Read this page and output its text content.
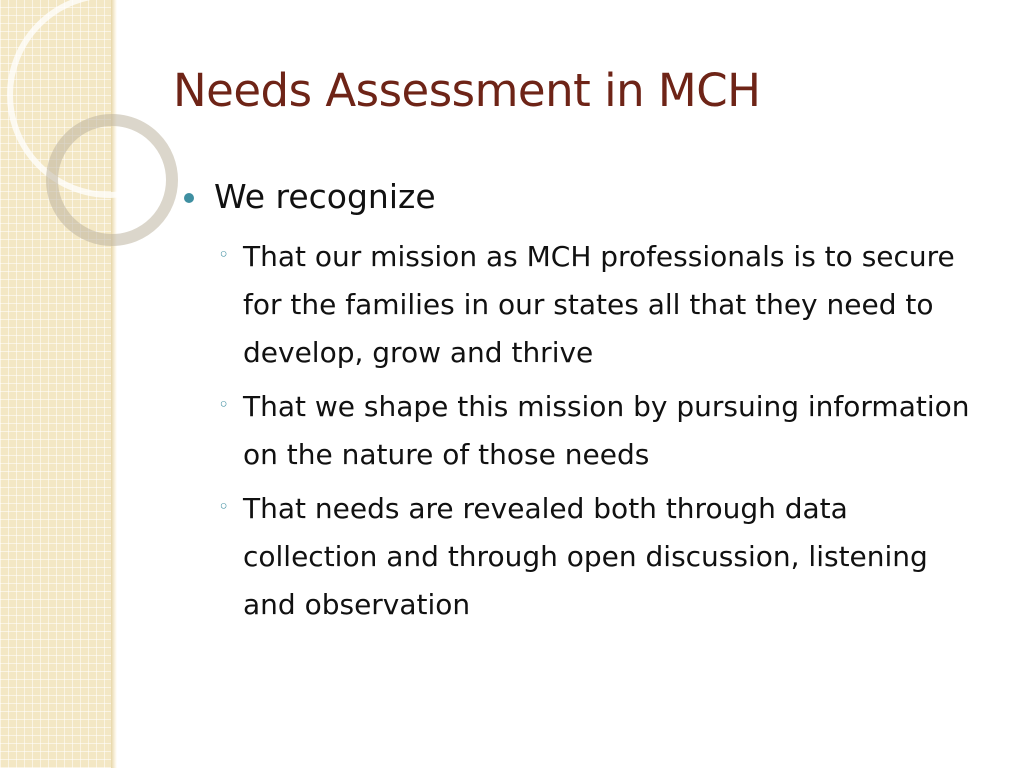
Needs Assessment in MCH
We recognize
◦ That our mission as MCH professionals is to secure for the families in our states all that they need to develop, grow and thrive
◦ That we shape this mission by pursuing information on the nature of those needs
◦ That needs are revealed both through data collection and through open discussion, listening and observation
